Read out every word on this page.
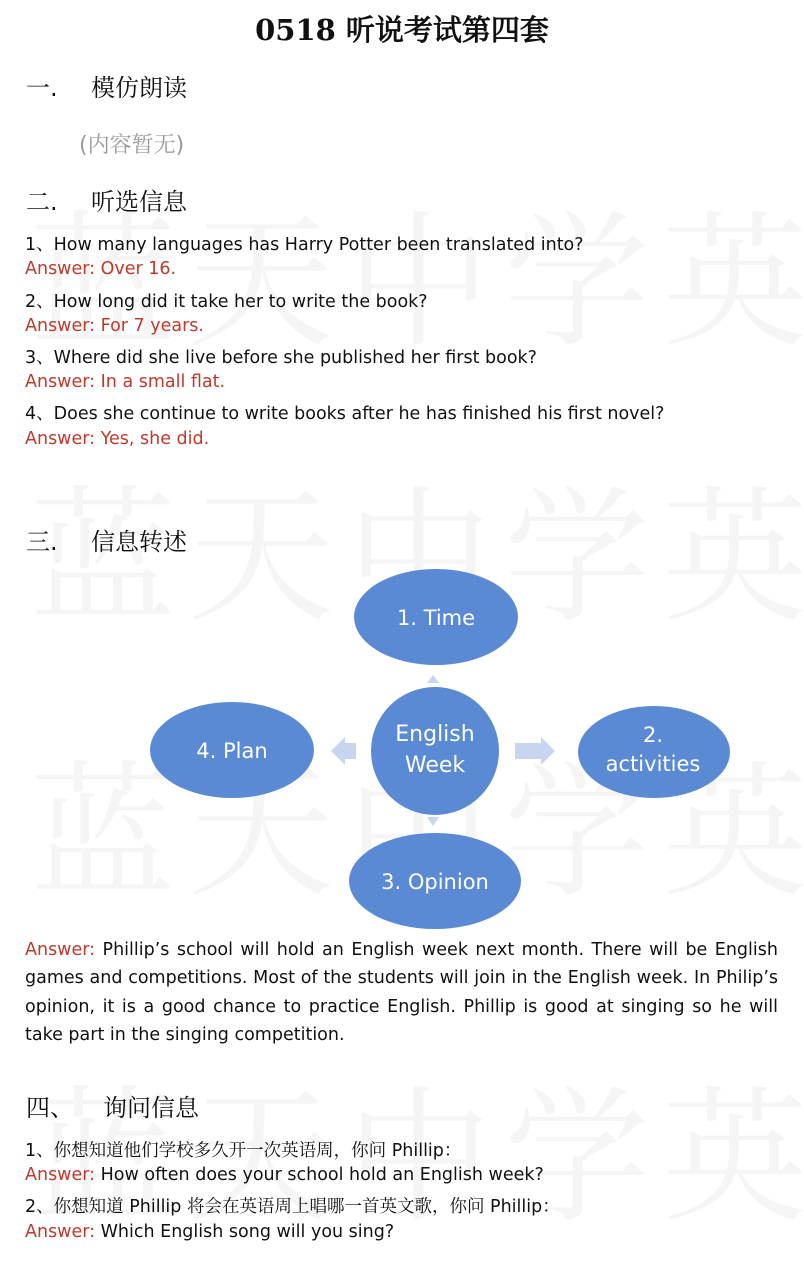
0518 听说考试第四套
一. 模仿朗读
(内容暂无)
二. 听选信息
1、How many languages has Harry Potter been translated into?
Answer: Over 16.
2、How long did it take her to write the book?
Answer: For 7 years.
3、Where did she live before she published her first book?
Answer: In a small flat.
4、Does she continue to write books after he has finished his first novel?
Answer: Yes, she did.
三. 信息转述
1. Time
English
Week
2.
activities
4. Plan
3. Opinion
Answer: Phillip’s school will hold an English week next month. There will be English games and competitions. Most of the students will join in the English week. In Philip’s opinion, it is a good chance to practice English. Phillip is good at singing so he will take part in the singing competition.
四、 询问信息
1、你想知道他们学校多久开一次英语周，你问 Phillip：
Answer: How often does your school hold an English week?
2、你想知道 Phillip 将会在英语周上唱哪一首英文歌，你问 Phillip：
Answer: Which English song will you sing?
